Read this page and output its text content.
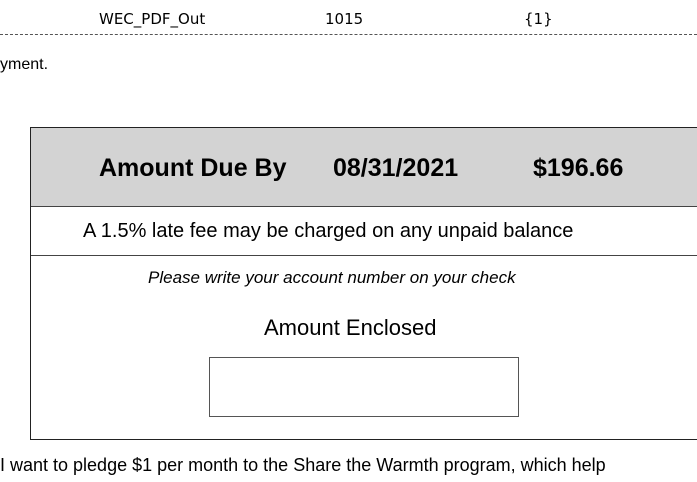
WEC_PDF_Out	1015	{1}
yment.
Amount Due By 08/31/2021	$196.66
A 1.5% late fee may be charged on any unpaid balance
Please write your account number on your check
Amount Enclosed
I want to pledge $1 per month to the Share the Warmth program, which help
